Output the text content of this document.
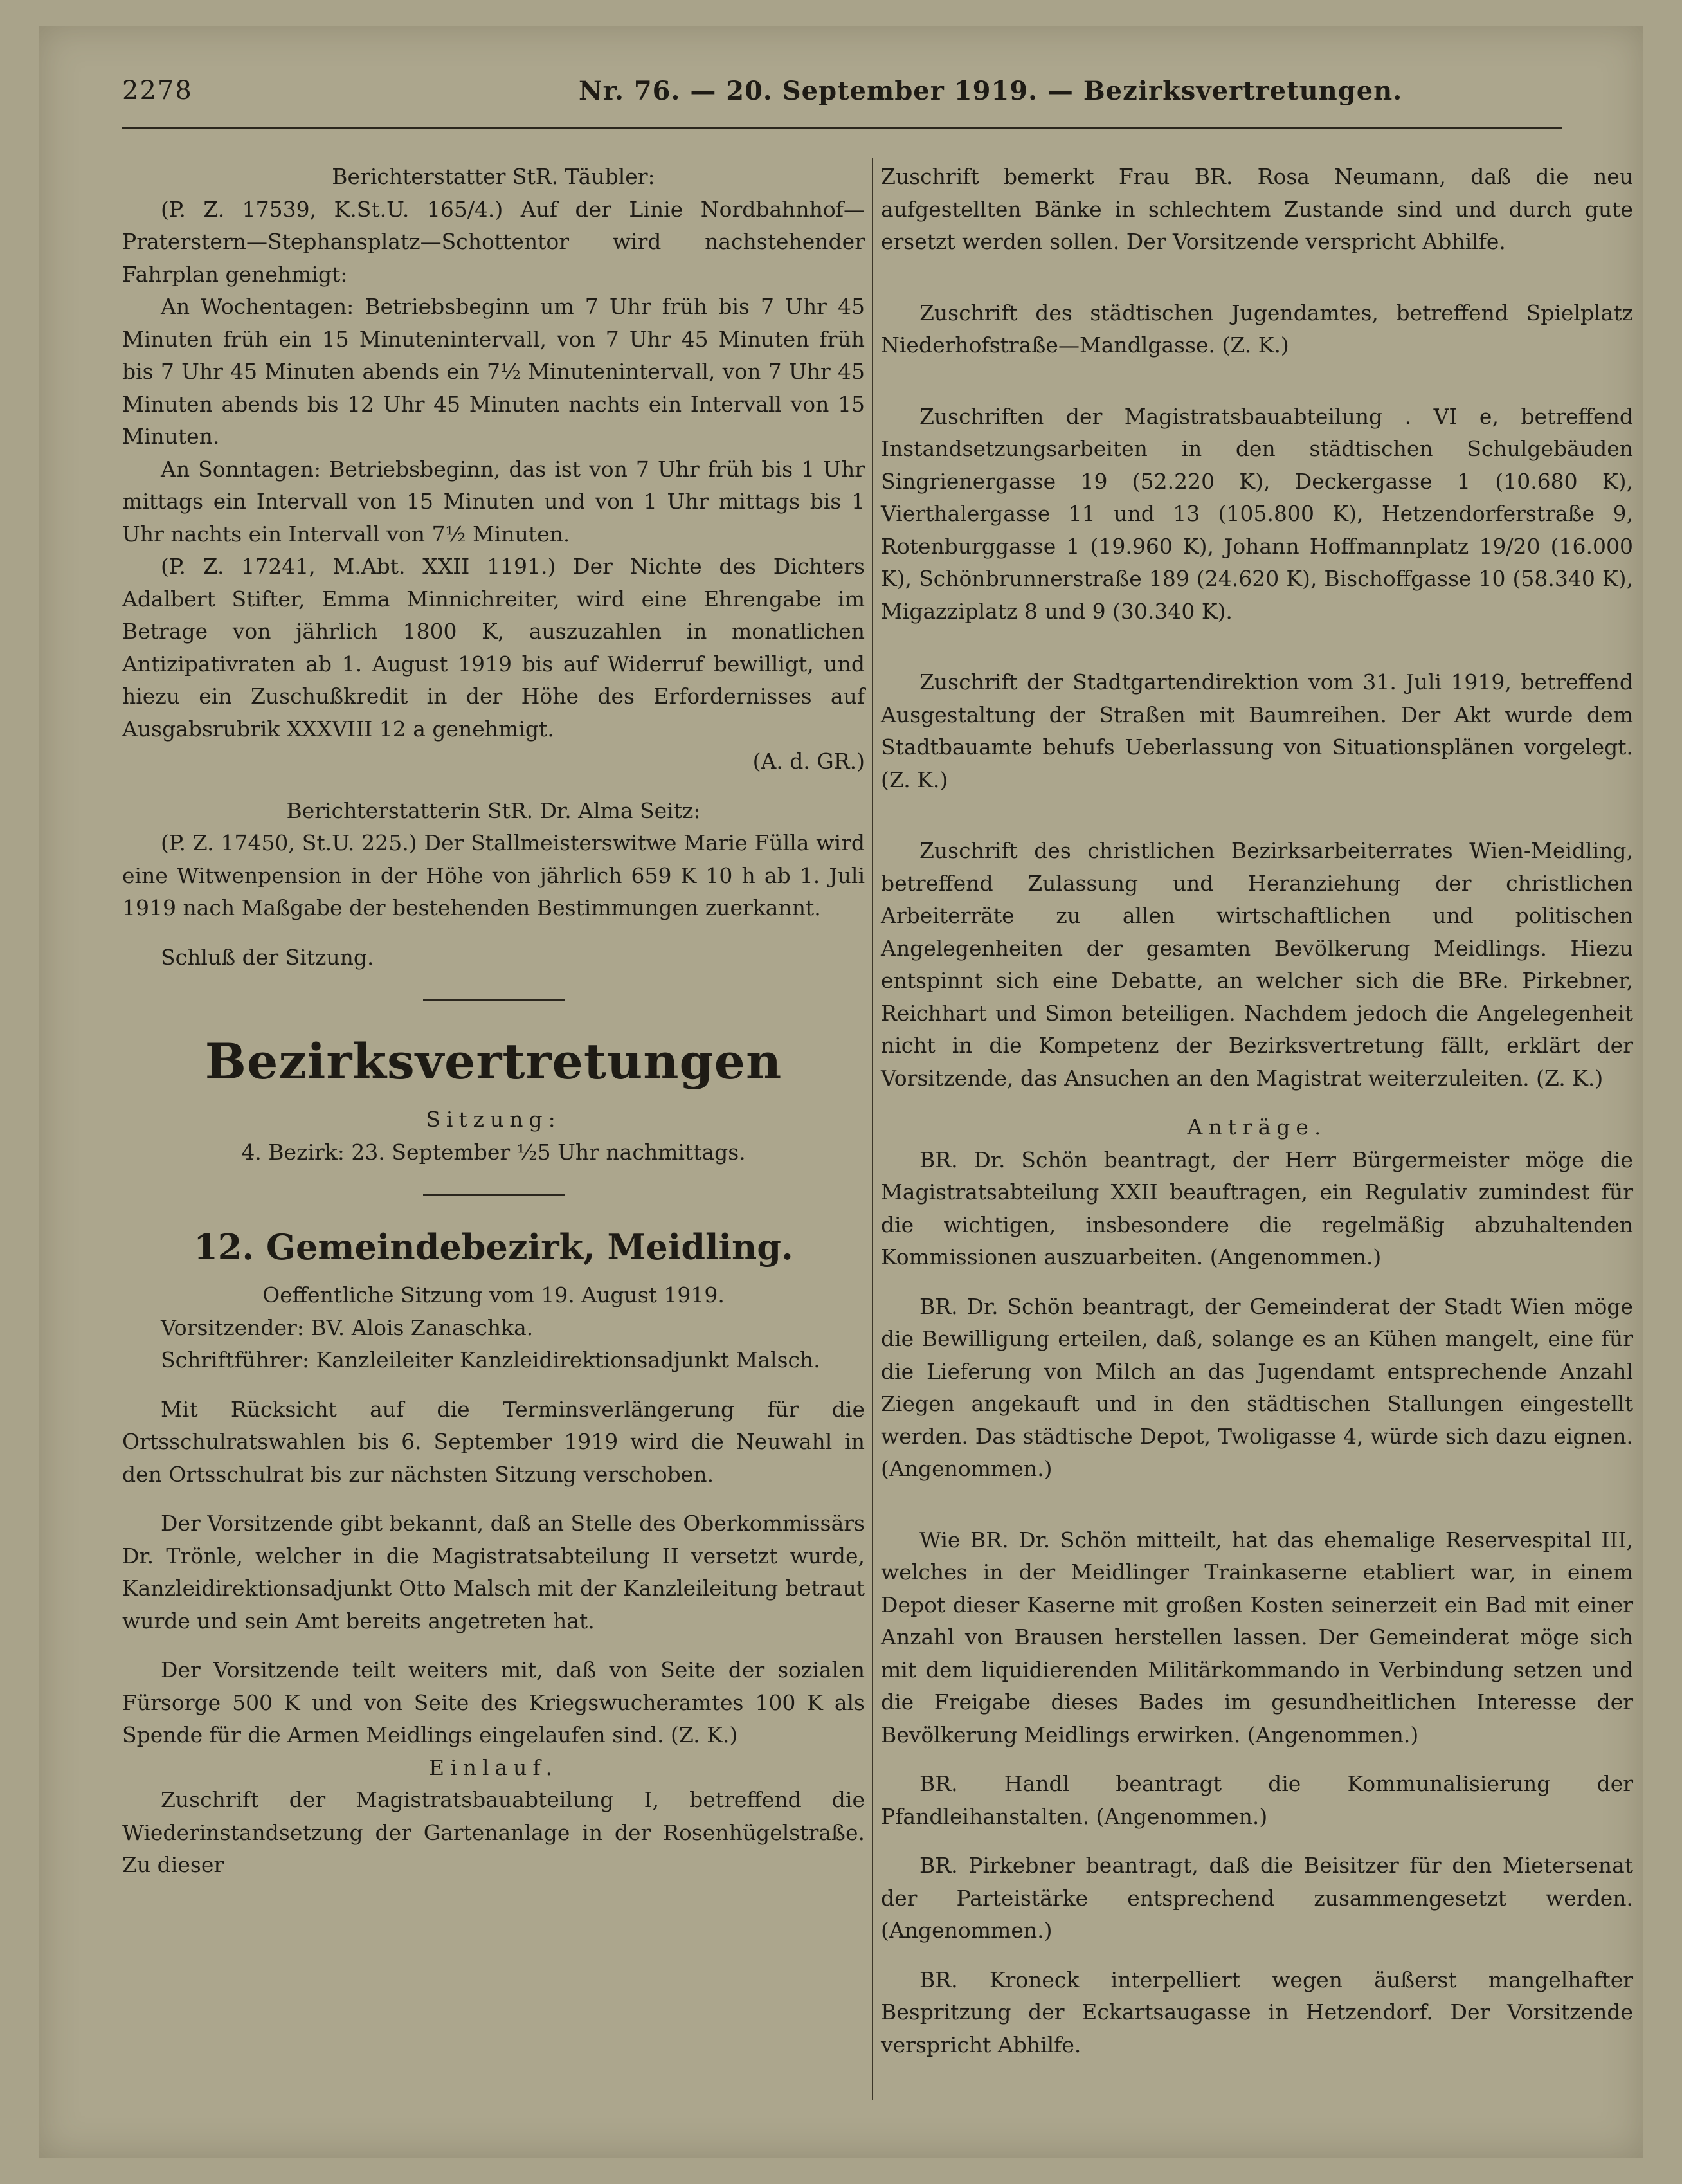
2278	Nr. 76. — 20. September 1919. — Bezirksvertretungen.

Berichterstatter StR. Täubler:

(P. Z. 17539, K.St.U. 165/4.) Auf der Linie Nordbahnhof—Praterstern—Stephansplatz—Schottentor wird nachstehender Fahrplan genehmigt:

An Wochentagen: Betriebsbeginn um 7 Uhr früh bis 7 Uhr 45 Minuten früh ein 15 Minutenintervall, von 7 Uhr 45 Minuten früh bis 7 Uhr 45 Minuten abends ein 7½ Minutenintervall, von 7 Uhr 45 Minuten abends bis 12 Uhr 45 Minuten nachts ein Intervall von 15 Minuten.

An Sonntagen: Betriebsbeginn, das ist von 7 Uhr früh bis 1 Uhr mittags ein Intervall von 15 Minuten und von 1 Uhr mittags bis 1 Uhr nachts ein Intervall von 7½ Minuten.

(P. Z. 17241, M.Abt. XXII 1191.) Der Nichte des Dichters Adalbert Stifter, Emma Minnichreiter, wird eine Ehrengabe im Betrage von jährlich 1800 K, auszuzahlen in monatlichen Antizipativraten ab 1. August 1919 bis auf Widerruf bewilligt, und hiezu ein Zuschußkredit in der Höhe des Erfordernisses auf Ausgabsrubrik XXXVIII 12 a genehmigt.

(A. d. GR.)

Berichterstatterin StR. Dr. Alma Seitz:

(P. Z. 17450, St.U. 225.) Der Stallmeisterswitwe Marie Fülla wird eine Witwenpension in der Höhe von jährlich 659 K 10 h ab 1. Juli 1919 nach Maßgabe der bestehenden Bestimmungen zuerkannt.

Schluß der Sitzung.

Bezirksvertretungen

Sitzung:

4. Bezirk: 23. September ½5 Uhr nachmittags.

12. Gemeindebezirk, Meidling.

Oeffentliche Sitzung vom 19. August 1919.

Vorsitzender: BV. Alois Zanaschka.

Schriftführer: Kanzleileiter Kanzleidirektionsadjunkt Malsch.

Mit Rücksicht auf die Terminsverlängerung für die Ortsschulratswahlen bis 6. September 1919 wird die Neuwahl in den Ortsschulrat bis zur nächsten Sitzung verschoben.

Der Vorsitzende gibt bekannt, daß an Stelle des Oberkommissärs Dr. Trönle, welcher in die Magistratsabteilung II versetzt wurde, Kanzleidirektionsadjunkt Otto Malsch mit der Kanzleileitung betraut wurde und sein Amt bereits angetreten hat.

Der Vorsitzende teilt weiters mit, daß von Seite der sozialen Fürsorge 500 K und von Seite des Kriegswucheramtes 100 K als Spende für die Armen Meidlings eingelaufen sind. (Z. K.)

Einlauf.

Zuschrift der Magistratsbauabteilung I, betreffend die Wiederinstandsetzung der Gartenanlage in der Rosenhügelstraße. Zu dieser

Zuschrift bemerkt Frau BR. Rosa Neumann, daß die neu aufgestellten Bänke in schlechtem Zustande sind und durch gute ersetzt werden sollen. Der Vorsitzende verspricht Abhilfe.

Zuschrift des städtischen Jugendamtes, betreffend Spielplatz Niederhofstraße—Mandlgasse. (Z. K.)

Zuschriften der Magistratsbauabteilung . VI e, betreffend Instandsetzungsarbeiten in den städtischen Schulgebäuden Singrienergasse 19 (52.220 K), Deckergasse 1 (10.680 K), Vierthalergasse 11 und 13 (105.800 K), Hetzendorferstraße 9, Rotenburggasse 1 (19.960 K), Johann Hoffmannplatz 19/20 (16.000 K), Schönbrunnerstraße 189 (24.620 K), Bischoffgasse 10 (58.340 K), Migazziplatz 8 und 9 (30.340 K).

Zuschrift der Stadtgartendirektion vom 31. Juli 1919, betreffend Ausgestaltung der Straßen mit Baumreihen. Der Akt wurde dem Stadtbauamte behufs Ueberlassung von Situationsplänen vorgelegt. (Z. K.)

Zuschrift des christlichen Bezirksarbeiterrates Wien-Meidling, betreffend Zulassung und Heranziehung der christlichen Arbeiterräte zu allen wirtschaftlichen und politischen Angelegenheiten der gesamten Bevölkerung Meidlings. Hiezu entspinnt sich eine Debatte, an welcher sich die BRe. Pirkebner, Reichhart und Simon beteiligen. Nachdem jedoch die Angelegenheit nicht in die Kompetenz der Bezirksvertretung fällt, erklärt der Vorsitzende, das Ansuchen an den Magistrat weiterzuleiten. (Z. K.)

Anträge.

BR. Dr. Schön beantragt, der Herr Bürgermeister möge die Magistratsabteilung XXII beauftragen, ein Regulativ zumindest für die wichtigen, insbesondere die regelmäßig abzuhaltenden Kommissionen auszuarbeiten. (Angenommen.)

BR. Dr. Schön beantragt, der Gemeinderat der Stadt Wien möge die Bewilligung erteilen, daß, solange es an Kühen mangelt, eine für die Lieferung von Milch an das Jugendamt entsprechende Anzahl Ziegen angekauft und in den städtischen Stallungen eingestellt werden. Das städtische Depot, Twoligasse 4, würde sich dazu eignen. (Angenommen.)

Wie BR. Dr. Schön mitteilt, hat das ehemalige Reservespital III, welches in der Meidlinger Trainkaserne etabliert war, in einem Depot dieser Kaserne mit großen Kosten seinerzeit ein Bad mit einer Anzahl von Brausen herstellen lassen. Der Gemeinderat möge sich mit dem liquidierenden Militärkommando in Verbindung setzen und die Freigabe dieses Bades im gesundheitlichen Interesse der Bevölkerung Meidlings erwirken. (Angenommen.)

BR. Handl beantragt die Kommunalisierung der Pfandleihanstalten. (Angenommen.)

BR. Pirkebner beantragt, daß die Beisitzer für den Mietersenat der Parteistärke entsprechend zusammengesetzt werden. (Angenommen.)

BR. Kroneck interpelliert wegen äußerst mangelhafter Bespritzung der Eckartsaugasse in Hetzendorf. Der Vorsitzende verspricht Abhilfe.
